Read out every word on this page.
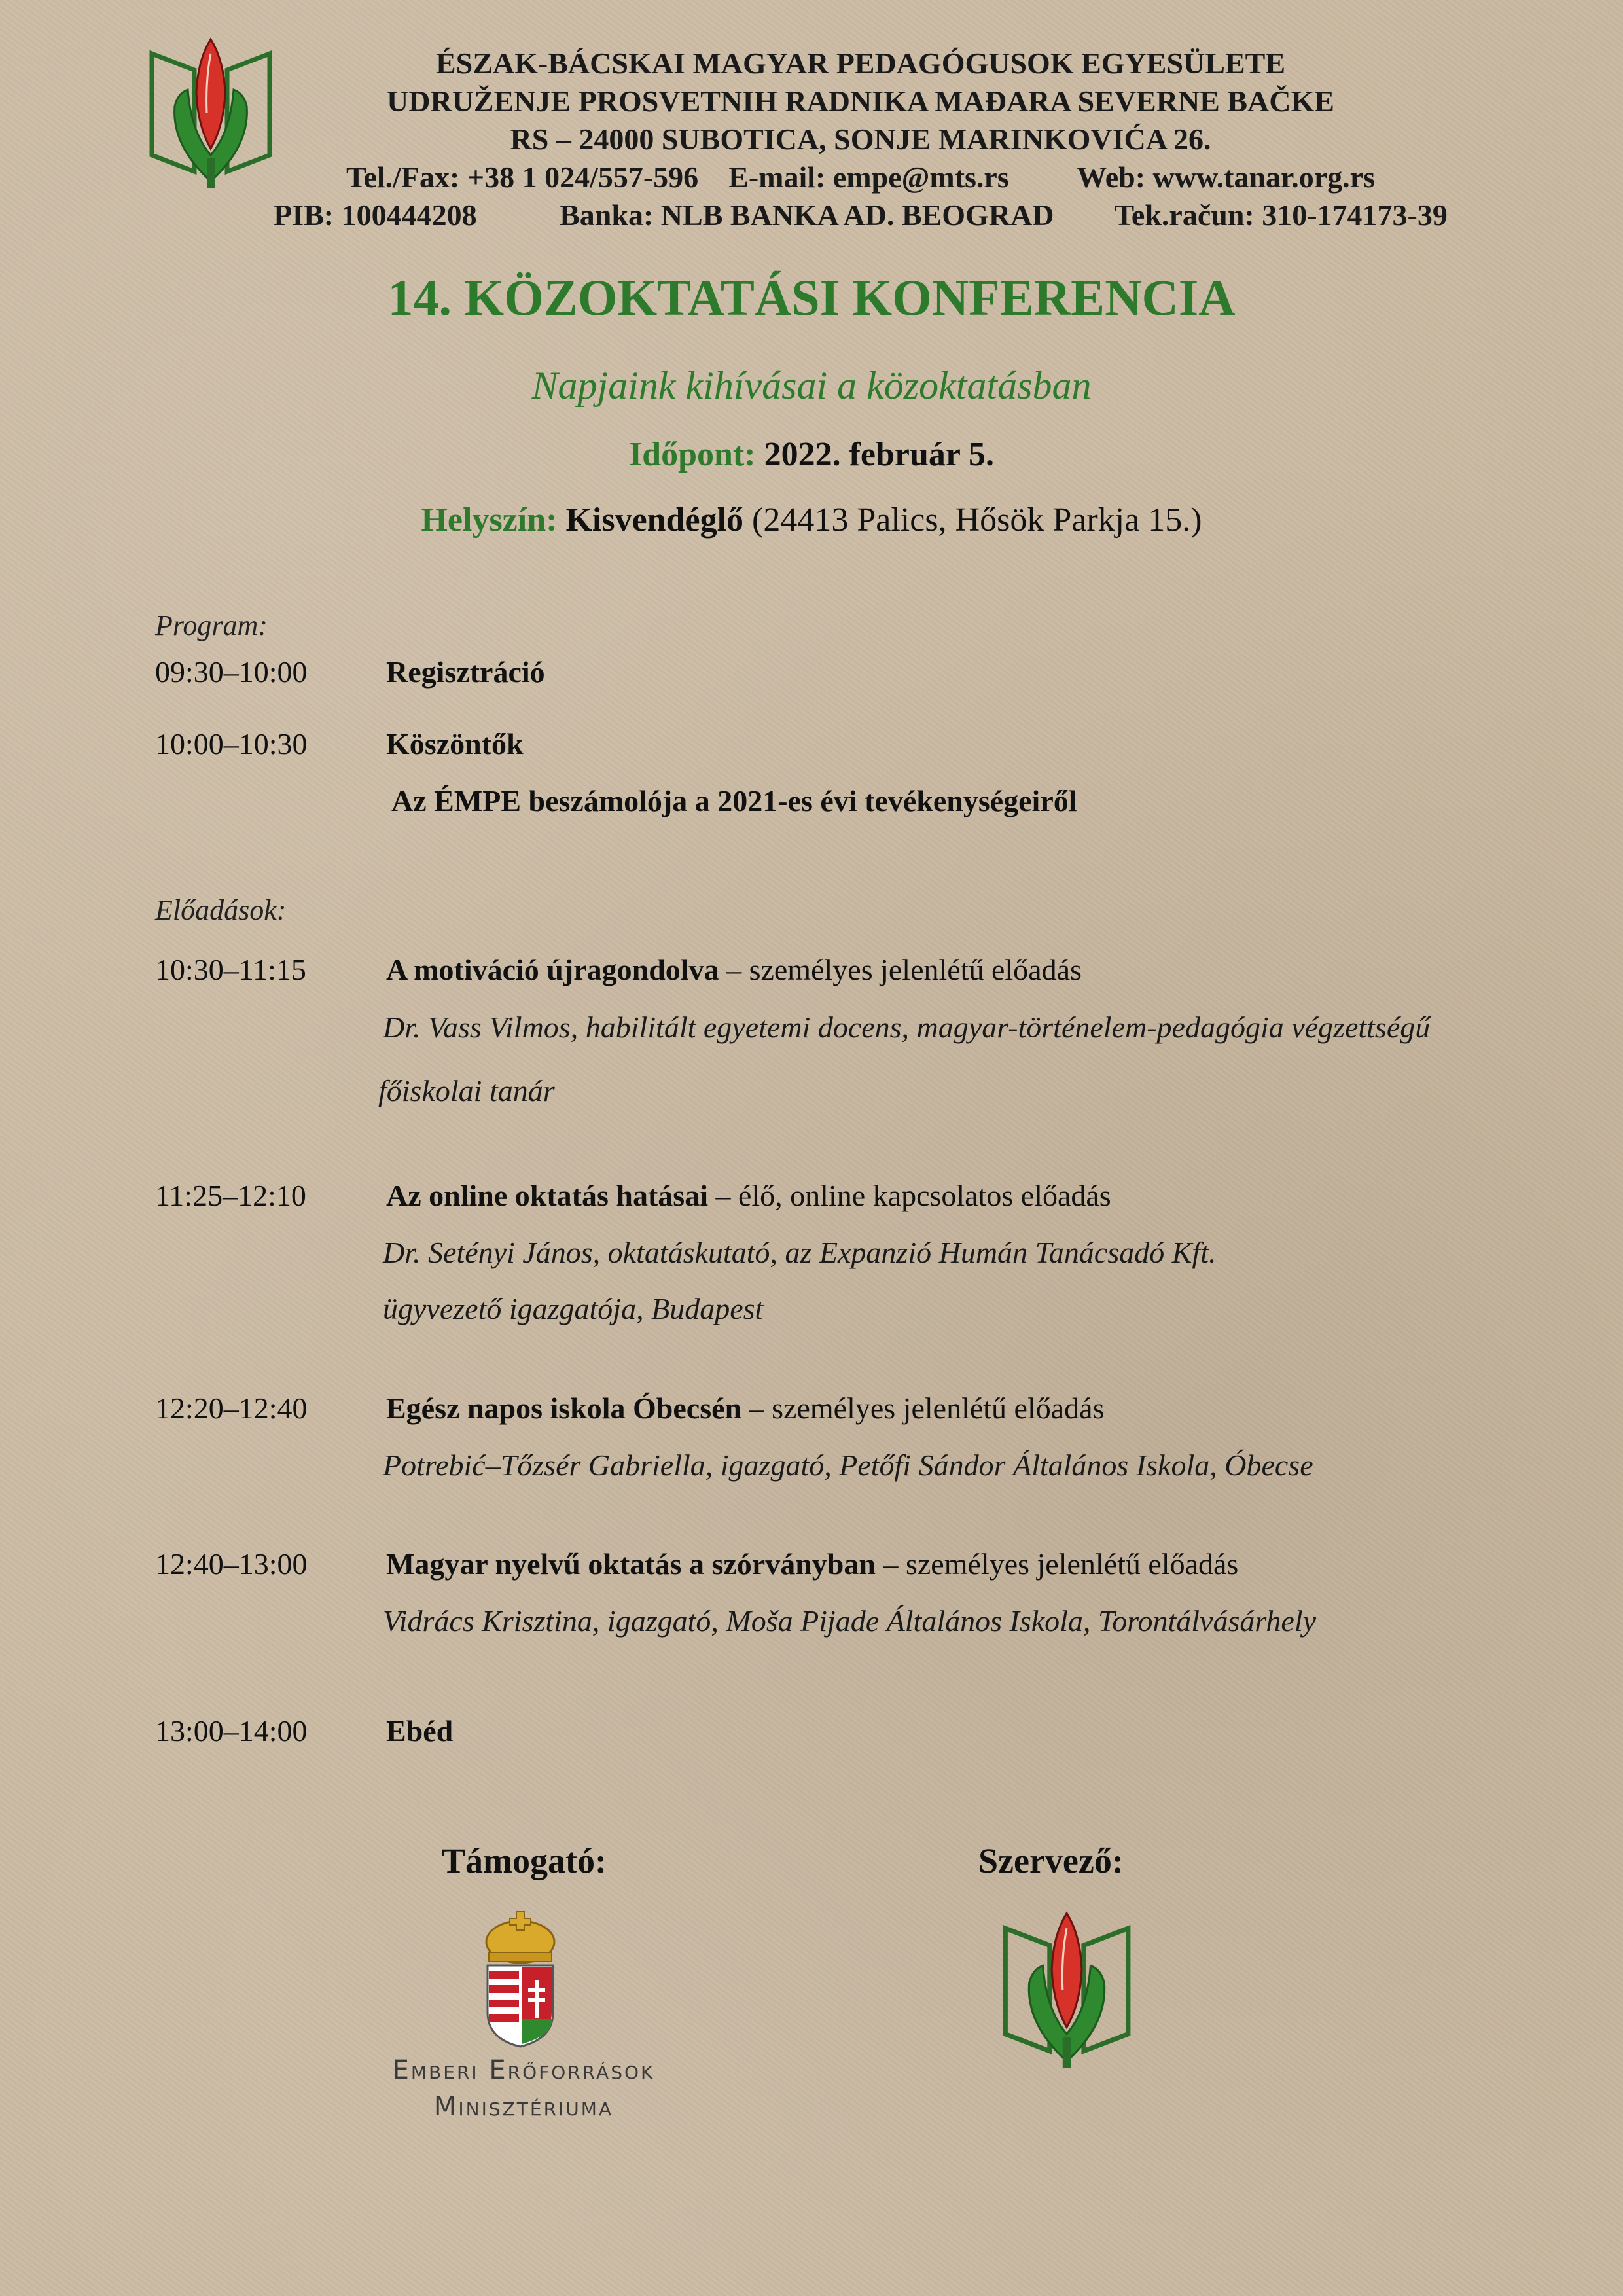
ÉSZAK-BÁCSKAI MAGYAR PEDAGÓGUSOK EGYESÜLETE
UDRUŽENJE PROSVETNIH RADNIKA MAĐARA SEVERNE BAČKE
RS – 24000 SUBOTICA, SONJE MARINKOVIĆA 26.
Tel./Fax: +38 1 024/557-596 E-mail: empe@mts.rs Web: www.tanar.org.rs
PIB: 100444208	Banka: NLB BANKA AD. BEOGRAD Tek.račun: 310-174173-39
14. KÖZOKTATÁSI KONFERENCIA
Napjaink kihívásai a közoktatásban
Időpont: 2022. február 5.
Helyszín: Kisvendéglő (24413 Palics, Hősök Parkja 15.)
Program:
09:30–10:00	Regisztráció
10:00–10:30	Köszöntők
Az ÉMPE beszámolója a 2021-es évi tevékenységeiről
Előadások:
10:30–11:15	A motiváció újragondolva – személyes jelenlétű előadás
Dr. Vass Vilmos, habilitált egyetemi docens, magyar-történelem-pedagógia végzettségű
főiskolai tanár
11:25–12:10	Az online oktatás hatásai – élő, online kapcsolatos előadás
Dr. Setényi János, oktatáskutató, az Expanzió Humán Tanácsadó Kft.
ügyvezető igazgatója, Budapest
12:20–12:40	Egész napos iskola Óbecsén – személyes jelenlétű előadás
Potrebić–Tőzsér Gabriella, igazgató, Petőfi Sándor Általános Iskola, Óbecse
12:40–13:00	Magyar nyelvű oktatás a szórványban – személyes jelenlétű előadás
Vidrács Krisztina, igazgató, Moša Pijade Általános Iskola, Torontálvásárhely
13:00–14:00	Ebéd
Támogató:	Szervező:
Emberi Erőforrások
Minisztériuma
